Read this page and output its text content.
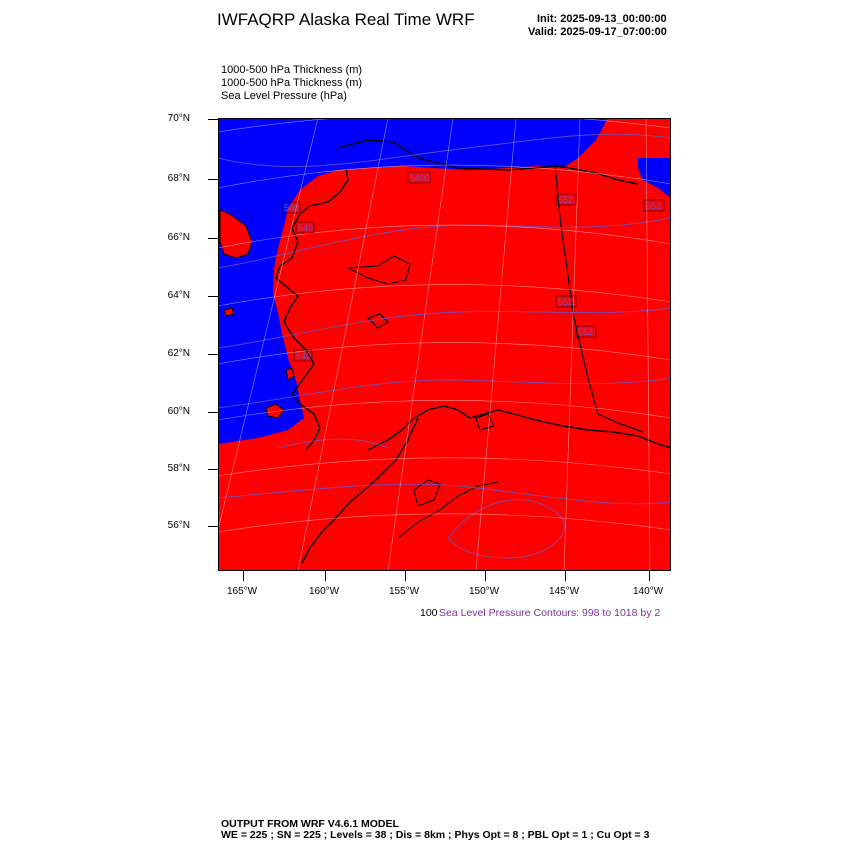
IWFAQRP Alaska Real Time WRF	Init: 2025-09-13_00:00:00
Valid: 2025-09-17_07:00:00
1000-500 hPa Thickness (m)
1000-500 hPa Thickness (m)
Sea Level Pressure (hPa)
70°N
68°N
66°N
64°N
62°N
60°N
58°N
56°N
165°W	160°W	155°W	150°W	145°W	140°W
5400
540
540
552
552
552
552
540
100 Sea Level Pressure Contours: 998 to 1018 by 2
OUTPUT FROM WRF V4.6.1 MODEL
WE = 225 ; SN = 225 ; Levels = 38 ; Dis = 8km ; Phys Opt = 8 ; PBL Opt = 1 ; Cu Opt = 3
